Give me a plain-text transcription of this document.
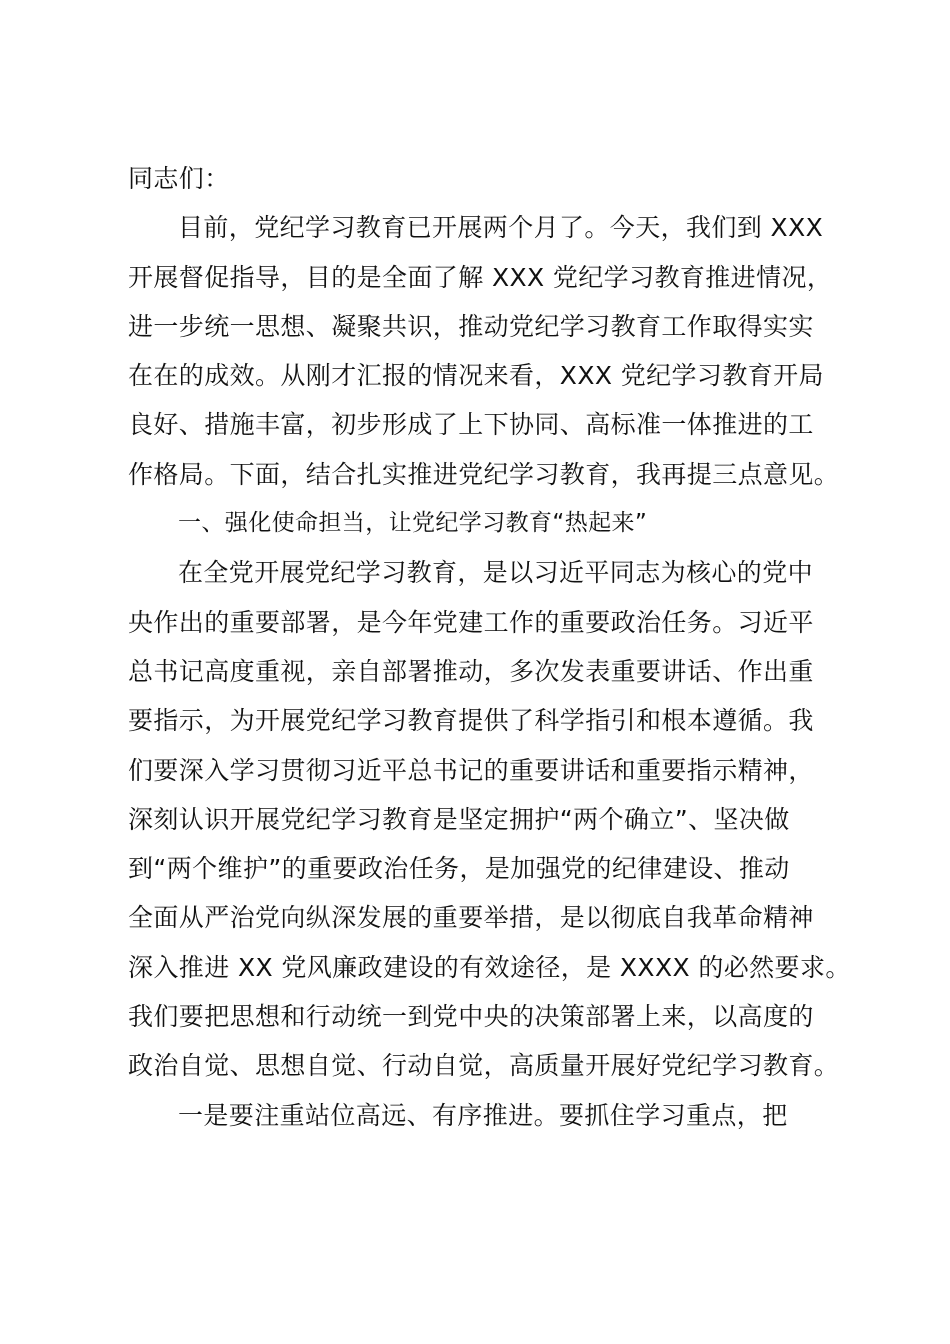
同志们：
目前，党纪学习教育已开展两个月了。今天，我们到 XXX
开展督促指导，目的是全面了解 XXX 党纪学习教育推进情况，
进一步统一思想、凝聚共识，推动党纪学习教育工作取得实实
在在的成效。从刚才汇报的情况来看，XXX 党纪学习教育开局
良好、措施丰富，初步形成了上下协同、高标准一体推进的工
作格局。下面，结合扎实推进党纪学习教育，我再提三点意见。
一、强化使命担当，让党纪学习教育“热起来”
在全党开展党纪学习教育，是以习近平同志为核心的党中
央作出的重要部署，是今年党建工作的重要政治任务。习近平
总书记高度重视，亲自部署推动，多次发表重要讲话、作出重
要指示，为开展党纪学习教育提供了科学指引和根本遵循。我
们要深入学习贯彻习近平总书记的重要讲话和重要指示精神，
深刻认识开展党纪学习教育是坚定拥护“两个确立”、坚决做
到“两个维护”的重要政治任务，是加强党的纪律建设、推动
全面从严治党向纵深发展的重要举措，是以彻底自我革命精神
深入推进 XX 党风廉政建设的有效途径，是 XXXX 的必然要求。
我们要把思想和行动统一到党中央的决策部署上来，以高度的
政治自觉、思想自觉、行动自觉，高质量开展好党纪学习教育。
一是要注重站位高远、有序推进。要抓住学习重点，把
